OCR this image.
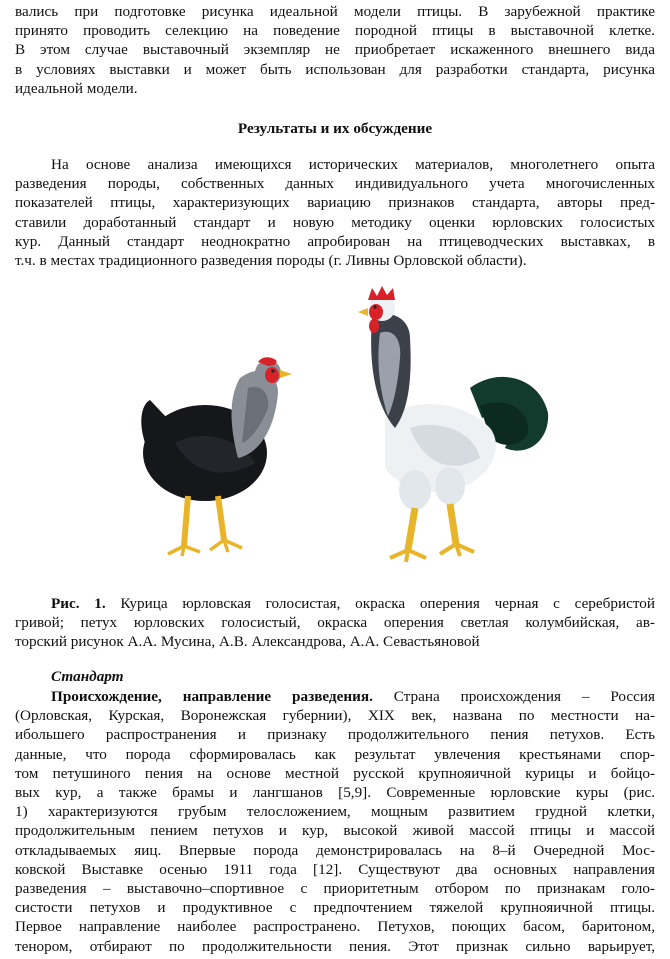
вались при подготовке рисунка идеальной модели птицы. В зарубежной практике
принято проводить селекцию на поведение породной птицы в выставочной клетке.
В этом случае выставочный экземпляр не приобретает искаженного внешнего вида
в условиях выставки и может быть использован для разработки стандарта, рисунка
идеальной модели.
Результаты и их обсуждение
На основе анализа имеющихся исторических материалов, многолетнего опыта
разведения породы, собственных данных индивидуального учета многочисленных
показателей птицы, характеризующих вариацию признаков стандарта, авторы пред-
ставили доработанный стандарт и новую методику оценки юрловских голосистых
кур. Данный стандарт неоднократно апробирован на птицеводческих выставках, в
т.ч. в местах традиционного разведения породы (г. Ливны Орловской области).
Рис. 1. Курица юрловская голосистая, окраска оперения черная с серебристой
гривой; петух юрловских голосистый, окраска оперения светлая колумбийская, ав-
торский рисунок А.А. Мусина, А.В. Александрова, А.А. Севастьяновой
Стандарт
Происхождение, направление разведения. Страна происхождения – Россия
(Орловская, Курская, Воронежская губернии), XIX век, названа по местности на-
ибольшего распространения и признаку продолжительного пения петухов. Есть
данные, что порода сформировалась как результат увлечения крестьянами спор-
том петушиного пения на основе местной русской крупнояичной курицы и бойцо-
вых кур, а также брамы и лангшанов [5,9]. Современные юрловские куры (рис.
1) характеризуются грубым телосложением, мощным развитием грудной клетки,
продолжительным пением петухов и кур, высокой живой массой птицы и массой
откладываемых яиц. Впервые порода демонстрировалась на 8–й Очередной Мос-
ковской Выставке осенью 1911 года [12]. Существуют два основных направления
разведения – выставочно–спортивное с приоритетным отбором по признакам голо-
систости петухов и продуктивное с предпочтением тяжелой крупнояичной птицы.
Первое направление наиболее распространено. Петухов, поющих басом, баритоном,
тенором, отбирают по продолжительности пения. Этот признак сильно варьирует,
